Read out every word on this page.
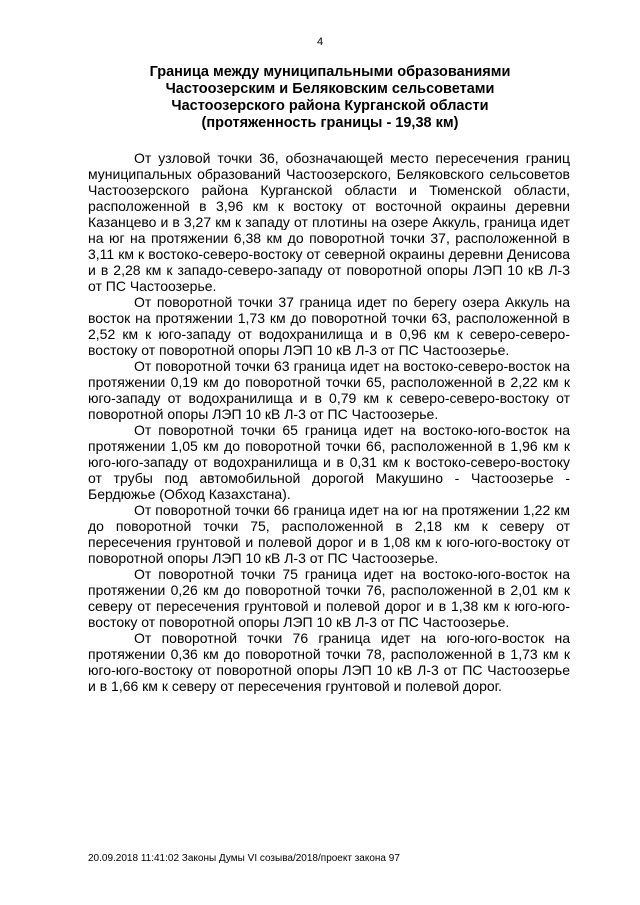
4
Граница между муниципальными образованиями
Частоозерским и Беляковским сельсоветами
Частоозерского района Курганской области
(протяженность границы - 19,38 км)

От узловой точки 36, обозначающей место пересечения границ муниципальных образований Частоозерского, Беляковского сельсоветов Частоозерского района Курганской области и Тюменской области, расположенной в 3,96 км к востоку от восточной окраины деревни Казанцево и в 3,27 км к западу от плотины на озере Аккуль, граница идет на юг на протяжении 6,38 км до поворотной точки 37, расположенной в 3,11 км к востоко-северо-востоку от северной окраины деревни Денисова и в 2,28 км к западо-северо-западу от поворотной опоры ЛЭП 10 кВ Л-3 от ПС Частоозерье.

От поворотной точки 37 граница идет по берегу озера Аккуль на восток на протяжении 1,73 км до поворотной точки 63, расположенной в 2,52 км к юго-западу от водохранилища и в 0,96 км к северо-северо-востоку от поворотной опоры ЛЭП 10 кВ Л-3 от ПС Частоозерье.

От поворотной точки 63 граница идет на востоко-северо-восток на протяжении 0,19 км до поворотной точки 65, расположенной в 2,22 км к юго-западу от водохранилища и в 0,79 км к северо-северо-востоку от поворотной опоры ЛЭП 10 кВ Л-3 от ПС Частоозерье.

От поворотной точки 65 граница идет на востоко-юго-восток на протяжении 1,05 км до поворотной точки 66, расположенной в 1,96 км к юго-юго-западу от водохранилища и в 0,31 км к востоко-северо-востоку от трубы под автомобильной дорогой Макушино - Частоозерье - Бердюжье (Обход Казахстана).

От поворотной точки 66 граница идет на юг на протяжении 1,22 км до поворотной точки 75, расположенной в 2,18 км к северу от пересечения грунтовой и полевой дорог и в 1,08 км к юго-юго-востоку от поворотной опоры ЛЭП 10 кВ Л-3 от ПС Частоозерье.

От поворотной точки 75 граница идет на востоко-юго-восток на протяжении 0,26 км до поворотной точки 76, расположенной в 2,01 км к северу от пересечения грунтовой и полевой дорог и в 1,38 км к юго-юго-востоку от поворотной опоры ЛЭП 10 кВ Л-3 от ПС Частоозерье.

От поворотной точки 76 граница идет на юго-юго-восток на протяжении 0,36 км до поворотной точки 78, расположенной в 1,73 км к юго-юго-востоку от поворотной опоры ЛЭП 10 кВ Л-3 от ПС Частоозерье и в 1,66 км к северу от пересечения грунтовой и полевой дорог.

20.09.2018 11:41:02 Законы Думы VI созыва/2018/проект закона 97
